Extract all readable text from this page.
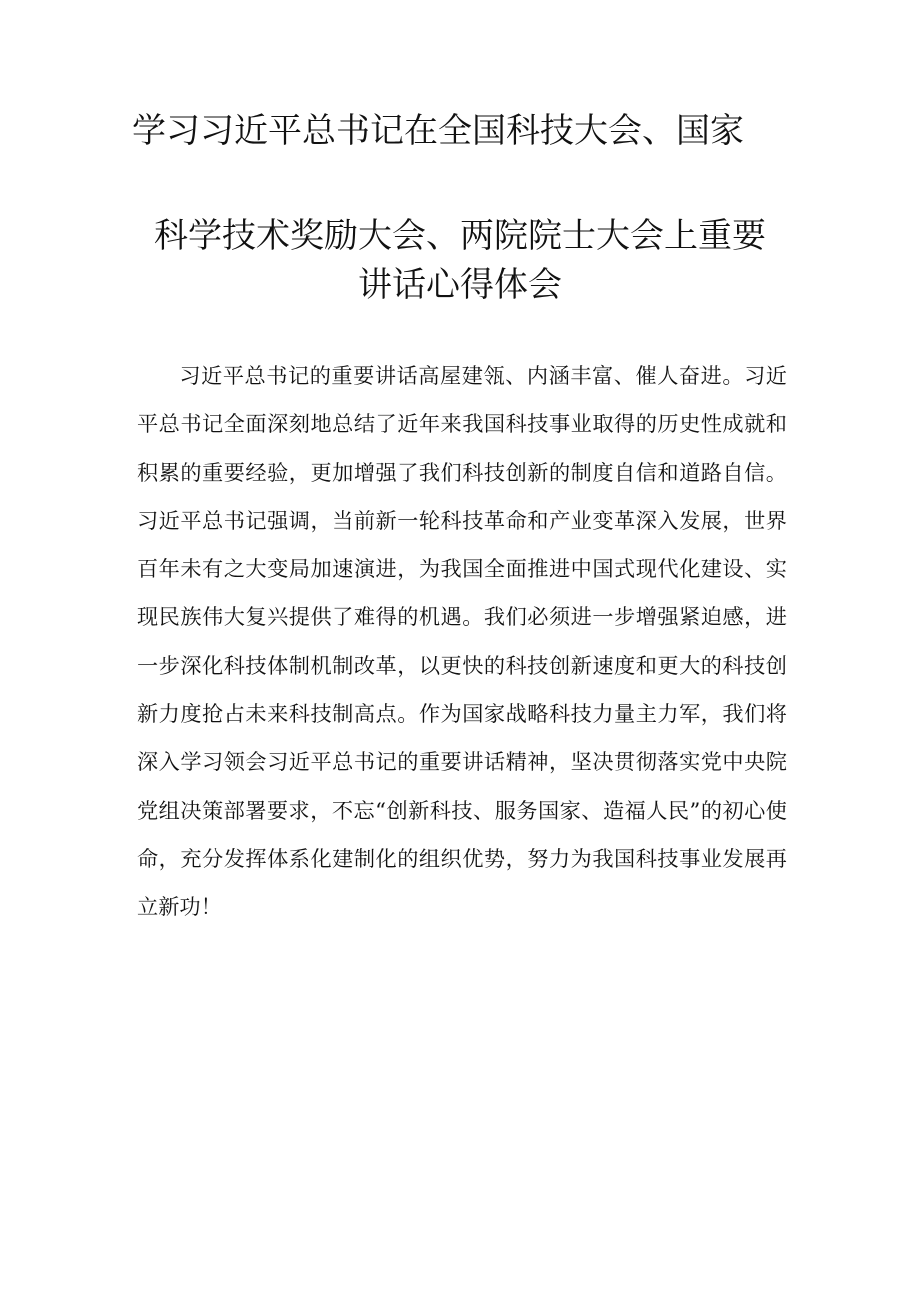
学习习近平总书记在全国科技大会、国家
科学技术奖励大会、两院院士大会上重要
讲话心得体会

习近平总书记的重要讲话高屋建瓴、内涵丰富、催人奋进。习近平总书记全面深刻地总结了近年来我国科技事业取得的历史性成就和积累的重要经验，更加增强了我们科技创新的制度自信和道路自信。习近平总书记强调，当前新一轮科技革命和产业变革深入发展，世界百年未有之大变局加速演进，为我国全面推进中国式现代化建设、实现民族伟大复兴提供了难得的机遇。我们必须进一步增强紧迫感，进一步深化科技体制机制改革，以更快的科技创新速度和更大的科技创新力度抢占未来科技制高点。作为国家战略科技力量主力军，我们将深入学习领会习近平总书记的重要讲话精神，坚决贯彻落实党中央院党组决策部署要求，不忘“创新科技、服务国家、造福人民”的初心使命，充分发挥体系化建制化的组织优势，努力为我国科技事业发展再立新功！
